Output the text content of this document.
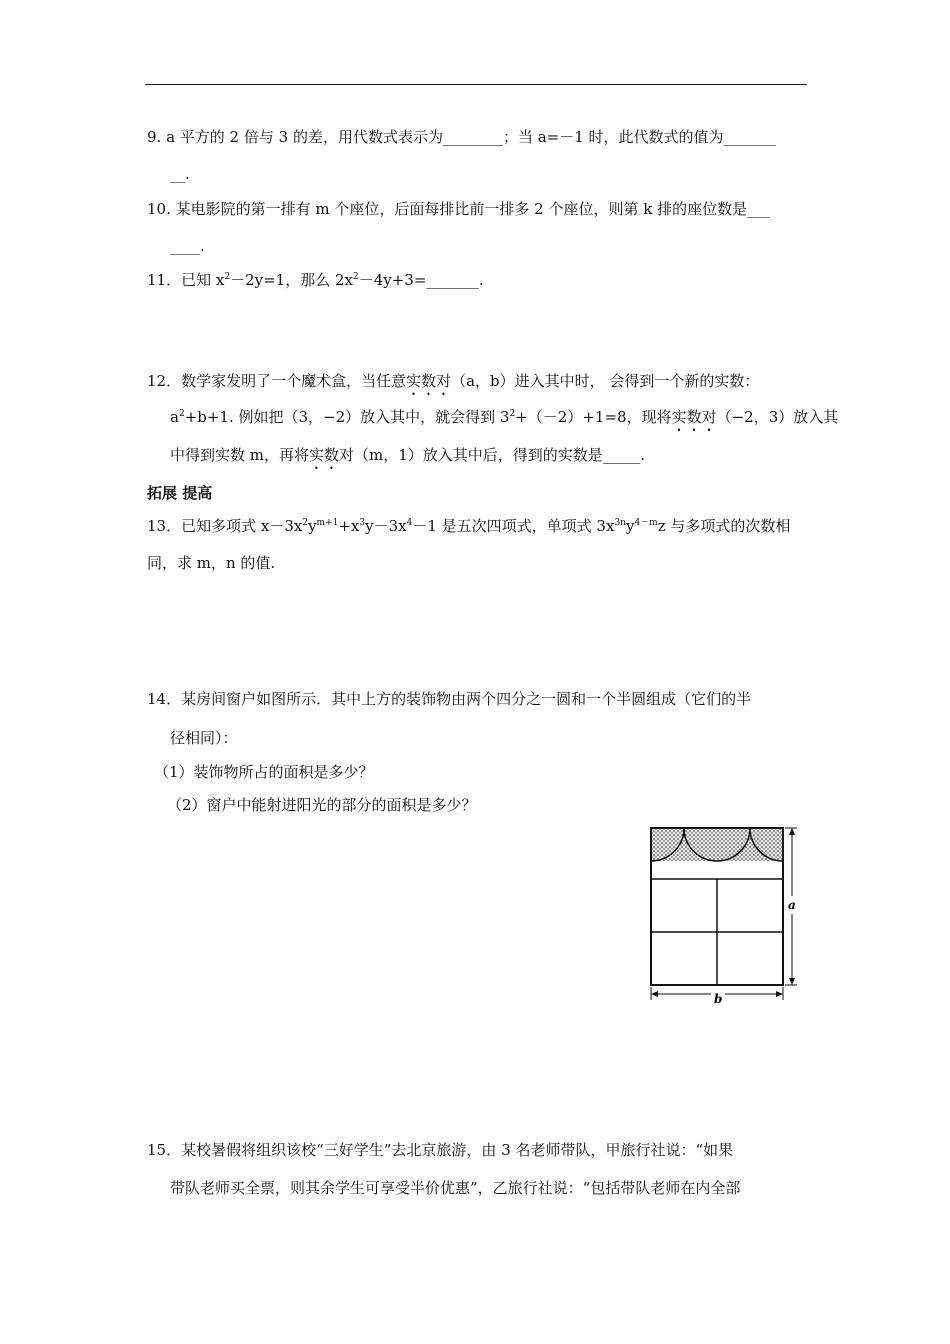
9. a 平方的 2 倍与 3 的差，用代数式表示为________；当 a=－1 时，此代数式的值为_______
__.
10. 某电影院的第一排有 m 个座位，后面每排比前一排多 2 个座位，则第 k 排的座位数是___
____.
11．已知 $x^2-2y=1$，那么 $2x^2-4y+3=\_\_\_\_\_\_\_$.
12．数学家发明了一个魔术盒，当任意实数对（a，b）进入其中时， 会得到一个新的实数：
$a^2+b+1$. 例如把（3，−2）放入其中，就会得到 $3^2+(-2)+1=8$，现将实数对（−2，3）放入其
中得到实数 m，再将实数对（m，1）放入其中后，得到的实数是_____.
拓展 提高
13．已知多项式 $x-3x^2y^{m+1}+x^3y-3x^4-1$ 是五次四项式，单项式 $3x^{3n}y^{4-m}z$ 与多项式的次数相
同，求 m，n 的值.
14．某房间窗户如图所示．其中上方的装饰物由两个四分之一圆和一个半圆组成（它们的半
径相同）：
（1）装饰物所占的面积是多少？
（2）窗户中能射进阳光的部分的面积是多少？
a
b
15．某校暑假将组织该校“三好学生”去北京旅游，由 3 名老师带队，甲旅行社说：“如果
带队老师买全票，则其余学生可享受半价优惠”，乙旅行社说：“包括带队老师在内全部
